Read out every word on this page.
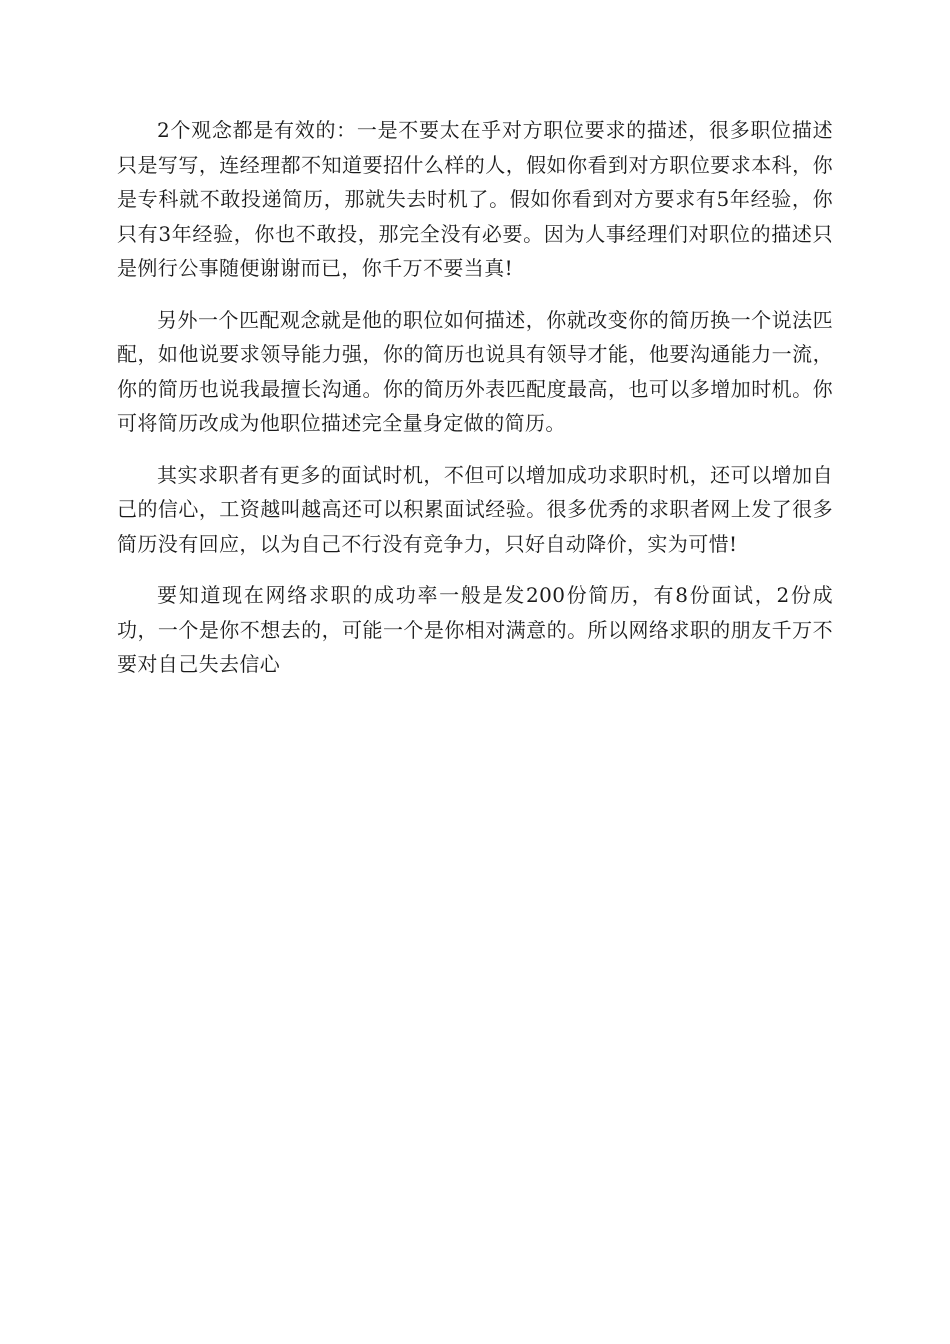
2个观念都是有效的：一是不要太在乎对方职位要求的描述，很多职位描述只是写写，连经理都不知道要招什么样的人，假如你看到对方职位要求本科，你是专科就不敢投递简历，那就失去时机了。假如你看到对方要求有5年经验，你只有3年经验，你也不敢投，那完全没有必要。因为人事经理们对职位的描述只是例行公事随便谢谢而已，你千万不要当真!

另外一个匹配观念就是他的职位如何描述，你就改变你的简历换一个说法匹配，如他说要求领导能力强，你的简历也说具有领导才能，他要沟通能力一流，你的简历也说我最擅长沟通。你的简历外表匹配度最高，也可以多增加时机。你可将简历改成为他职位描述完全量身定做的简历。

其实求职者有更多的面试时机，不但可以增加成功求职时机，还可以增加自己的信心，工资越叫越高还可以积累面试经验。很多优秀的求职者网上发了很多简历没有回应，以为自己不行没有竞争力，只好自动降价，实为可惜!

要知道现在网络求职的成功率一般是发200份简历，有8份面试，2份成功，一个是你不想去的，可能一个是你相对满意的。所以网络求职的朋友千万不要对自己失去信心
